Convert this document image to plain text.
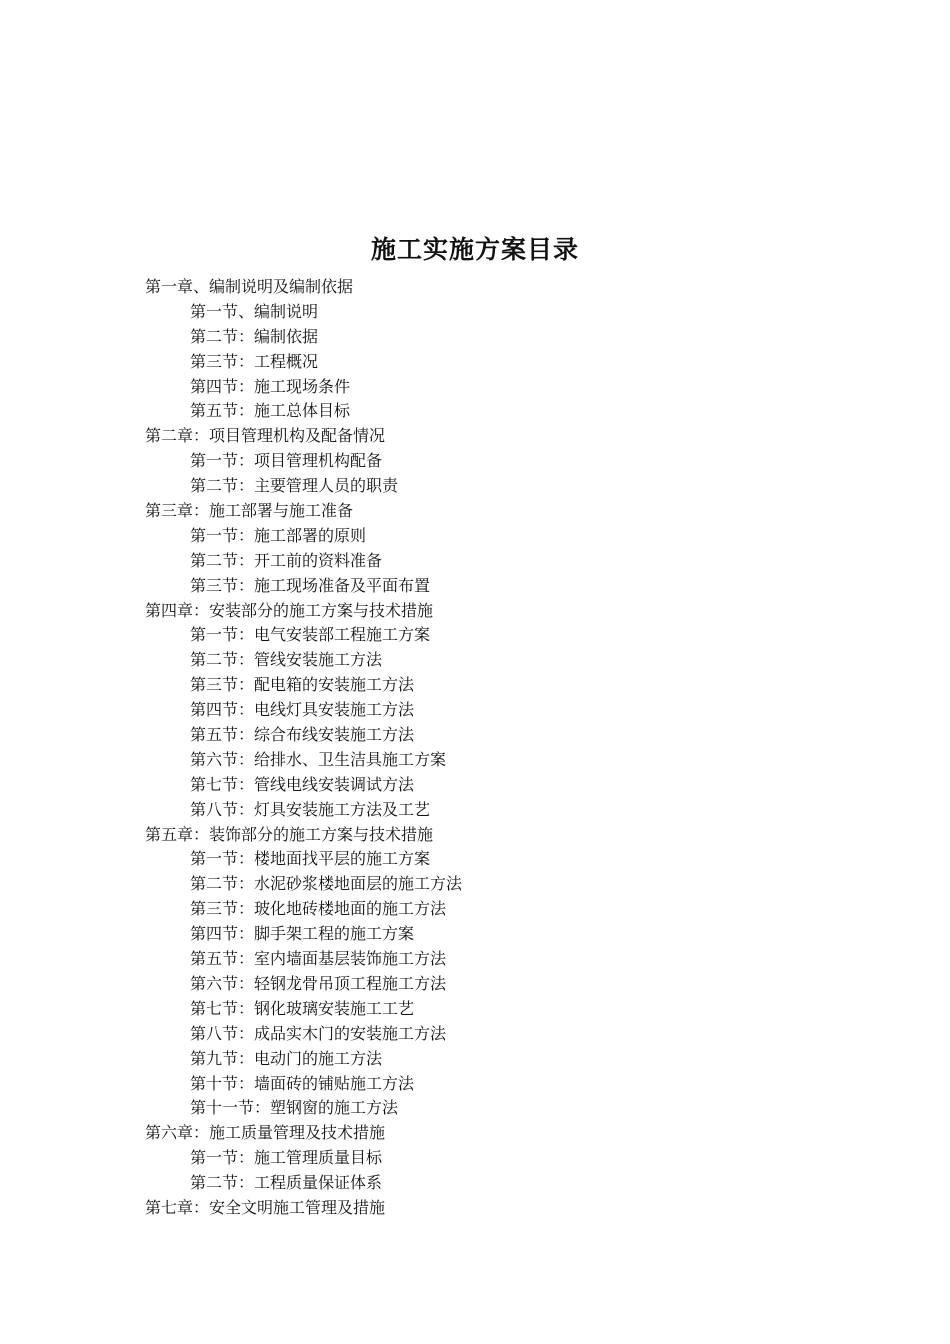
施工实施方案目录
第一章、编制说明及编制依据
第一节、编制说明
第二节：编制依据
第三节：工程概况
第四节：施工现场条件
第五节：施工总体目标
第二章：项目管理机构及配备情况
第一节：项目管理机构配备
第二节：主要管理人员的职责
第三章：施工部署与施工准备
第一节：施工部署的原则
第二节：开工前的资料准备
第三节：施工现场准备及平面布置
第四章：安装部分的施工方案与技术措施
第一节：电气安装部工程施工方案
第二节：管线安装施工方法
第三节：配电箱的安装施工方法
第四节：电线灯具安装施工方法
第五节：综合布线安装施工方法
第六节：给排水、卫生洁具施工方案
第七节：管线电线安装调试方法
第八节：灯具安装施工方法及工艺
第五章：装饰部分的施工方案与技术措施
第一节：楼地面找平层的施工方案
第二节：水泥砂浆楼地面层的施工方法
第三节：玻化地砖楼地面的施工方法
第四节：脚手架工程的施工方案
第五节：室内墙面基层装饰施工方法
第六节：轻钢龙骨吊顶工程施工方法
第七节：钢化玻璃安装施工工艺
第八节：成品实木门的安装施工方法
第九节：电动门的施工方法
第十节：墙面砖的铺贴施工方法
第十一节：塑钢窗的施工方法
第六章：施工质量管理及技术措施
第一节：施工管理质量目标
第二节：工程质量保证体系
第七章：安全文明施工管理及措施
